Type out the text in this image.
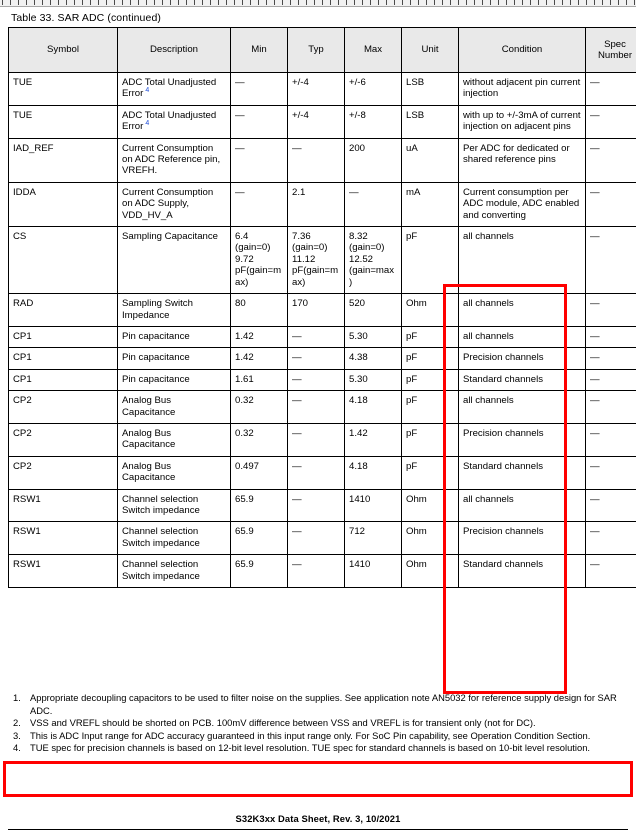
Table 33. SAR ADC (continued)
Symbol	Description	Min	Typ	Max	Unit	Condition	Spec
Number
TUE	ADC Total Unadjusted Error $^4$	—	+/-4	+/-6	LSB	without adjacent pin current injection	—
TUE	ADC Total Unadjusted Error $^4$	—	+/-4	+/-8	LSB	with up to +/-3mA of current injection on adjacent pins	—
IAD_REF	Current Consumption on ADC Reference pin, VREFH.	—	—	200	uA	Per ADC for dedicated or shared reference pins	—
IDDA	Current Consumption on ADC Supply, VDD_HV_A	—	2.1	—	mA	Current consumption per ADC module, ADC enabled and converting	—
CS	Sampling Capacitance	6.4 (gain=0) 9.72 pF(gain=max)	7.36 (gain=0) 11.12 pF(gain=max)	8.32 (gain=0) 12.52 (gain=max)	pF	all channels	—
RAD	Sampling Switch Impedance	80	170	520	Ohm	all channels	—
CP1	Pin capacitance	1.42	—	5.30	pF	all channels	—
CP1	Pin capacitance	1.42	—	4.38	pF	Precision channels	—
CP1	Pin capacitance	1.61	—	5.30	pF	Standard channels	—
CP2	Analog Bus Capacitance	0.32	—	4.18	pF	all channels	—
CP2	Analog Bus Capacitance	0.32	—	1.42	pF	Precision channels	—
CP2	Analog Bus Capacitance	0.497	—	4.18	pF	Standard channels	—
RSW1	Channel selection Switch impedance	65.9	—	1410	Ohm	all channels	—
RSW1	Channel selection Switch impedance	65.9	—	712	Ohm	Precision channels	—
RSW1	Channel selection Switch impedance	65.9	—	1410	Ohm	Standard channels	—
1. Appropriate decoupling capacitors to be used to filter noise on the supplies. See application note AN5032 for reference supply design for SAR ADC.
2. VSS and VREFL should be shorted on PCB. 100mV difference between VSS and VREFL is for transient only (not for DC).
3. This is ADC Input range for ADC accuracy guaranteed in this input range only. For SoC Pin capability, see Operation Condition Section.
4. TUE spec for precision channels is based on 12-bit level resolution. TUE spec for standard channels is based on 10-bit level resolution.
S32K3xx Data Sheet, Rev. 3, 10/2021
